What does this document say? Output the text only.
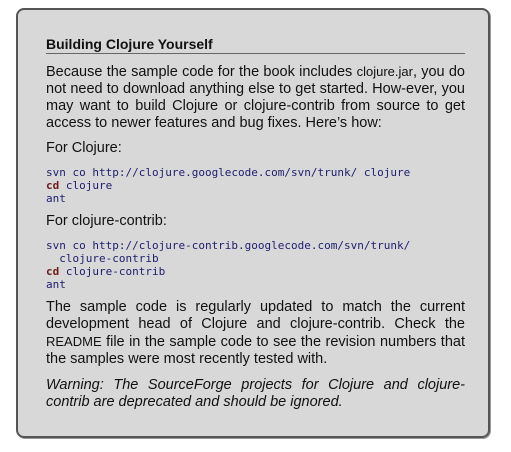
Building Clojure Yourself

Because the sample code for the book includes clojure.jar, you do not need to download anything else to get started. How-ever, you may want to build Clojure or clojure-contrib from source to get access to newer features and bug fixes. Here’s how:

For Clojure:

svn co http://clojure.googlecode.com/svn/trunk/ clojure
cd clojure
ant

For clojure-contrib:

svn co http://clojure-contrib.googlecode.com/svn/trunk/
clojure-contrib
cd clojure-contrib
ant

The sample code is regularly updated to match the current development head of Clojure and clojure-contrib. Check the README file in the sample code to see the revision numbers that the samples were most recently tested with.

Warning: The SourceForge projects for Clojure and clojure-contrib are deprecated and should be ignored.
